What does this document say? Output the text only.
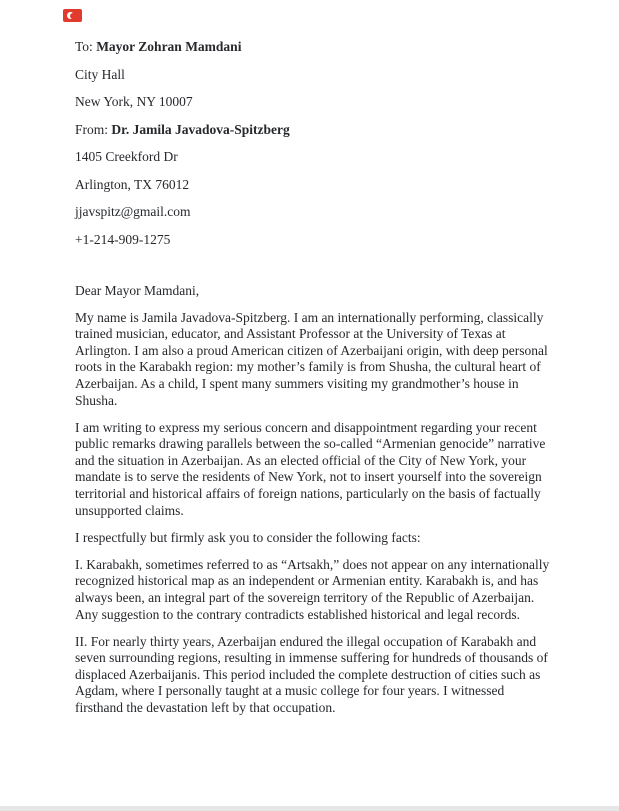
To: Mayor Zohran Mamdani

City Hall

New York, NY 10007

From: Dr. Jamila Javadova-Spitzberg

1405 Creekford Dr

Arlington, TX 76012

jjavspitz@gmail.com

+1-214-909-1275

Dear Mayor Mamdani,

My name is Jamila Javadova-Spitzberg. I am an internationally performing, classically trained musician, educator, and Assistant Professor at the University of Texas at Arlington. I am also a proud American citizen of Azerbaijani origin, with deep personal roots in the Karabakh region: my mother’s family is from Shusha, the cultural heart of Azerbaijan. As a child, I spent many summers visiting my grandmother’s house in Shusha.

I am writing to express my serious concern and disappointment regarding your recent public remarks drawing parallels between the so-called “Armenian genocide” narrative and the situation in Azerbaijan. As an elected official of the City of New York, your mandate is to serve the residents of New York, not to insert yourself into the sovereign territorial and historical affairs of foreign nations, particularly on the basis of factually unsupported claims.

I respectfully but firmly ask you to consider the following facts:

I. Karabakh, sometimes referred to as “Artsakh,” does not appear on any internationally recognized historical map as an independent or Armenian entity. Karabakh is, and has always been, an integral part of the sovereign territory of the Republic of Azerbaijan. Any suggestion to the contrary contradicts established historical and legal records.

II. For nearly thirty years, Azerbaijan endured the illegal occupation of Karabakh and seven surrounding regions, resulting in immense suffering for hundreds of thousands of displaced Azerbaijanis. This period included the complete destruction of cities such as Agdam, where I personally taught at a music college for four years. I witnessed firsthand the devastation left by that occupation.
